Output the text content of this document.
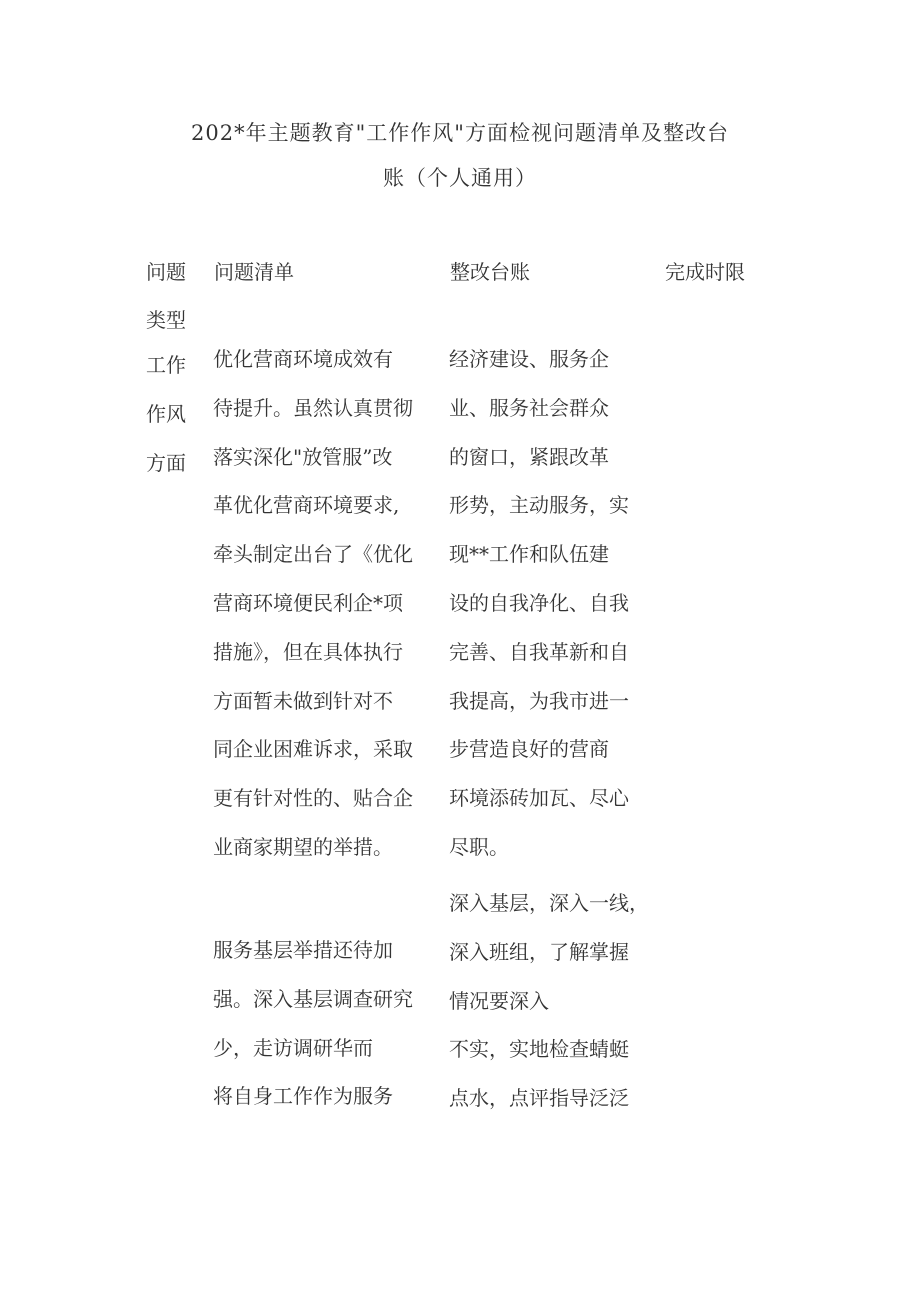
202*年主题教育"工作作风"方面检视问题清单及整改台
账（个人通用）
问题
类型
问题清单	整改台账	完成时限
工作
作风
方面
优化营商环境成效有
待提升。虽然认真贯彻
落实深化"放管服”改
革优化营商环境要求,
牵头制定出台了《优化
营商环境便民利企*项
措施》，但在具体执行
方面暂未做到针对不
同企业困难诉求，采取
更有针对性的、贴合企
业商家期望的举措。
经济建设、服务企
业、服务社会群众
的窗口，紧跟改革
形势，主动服务，实
现**工作和队伍建
设的自我净化、自我
完善、自我革新和自
我提高，为我市进一
步营造良好的营商
环境添砖加瓦、尽心
尽职。
服务基层举措还待加
强。深入基层调查研究
少，走访调研华而
将自身工作作为服务
深入基层，深入一线，
深入班组，了解掌握
情况要深入
不实，实地检查蜻蜓
点水，点评指导泛泛
